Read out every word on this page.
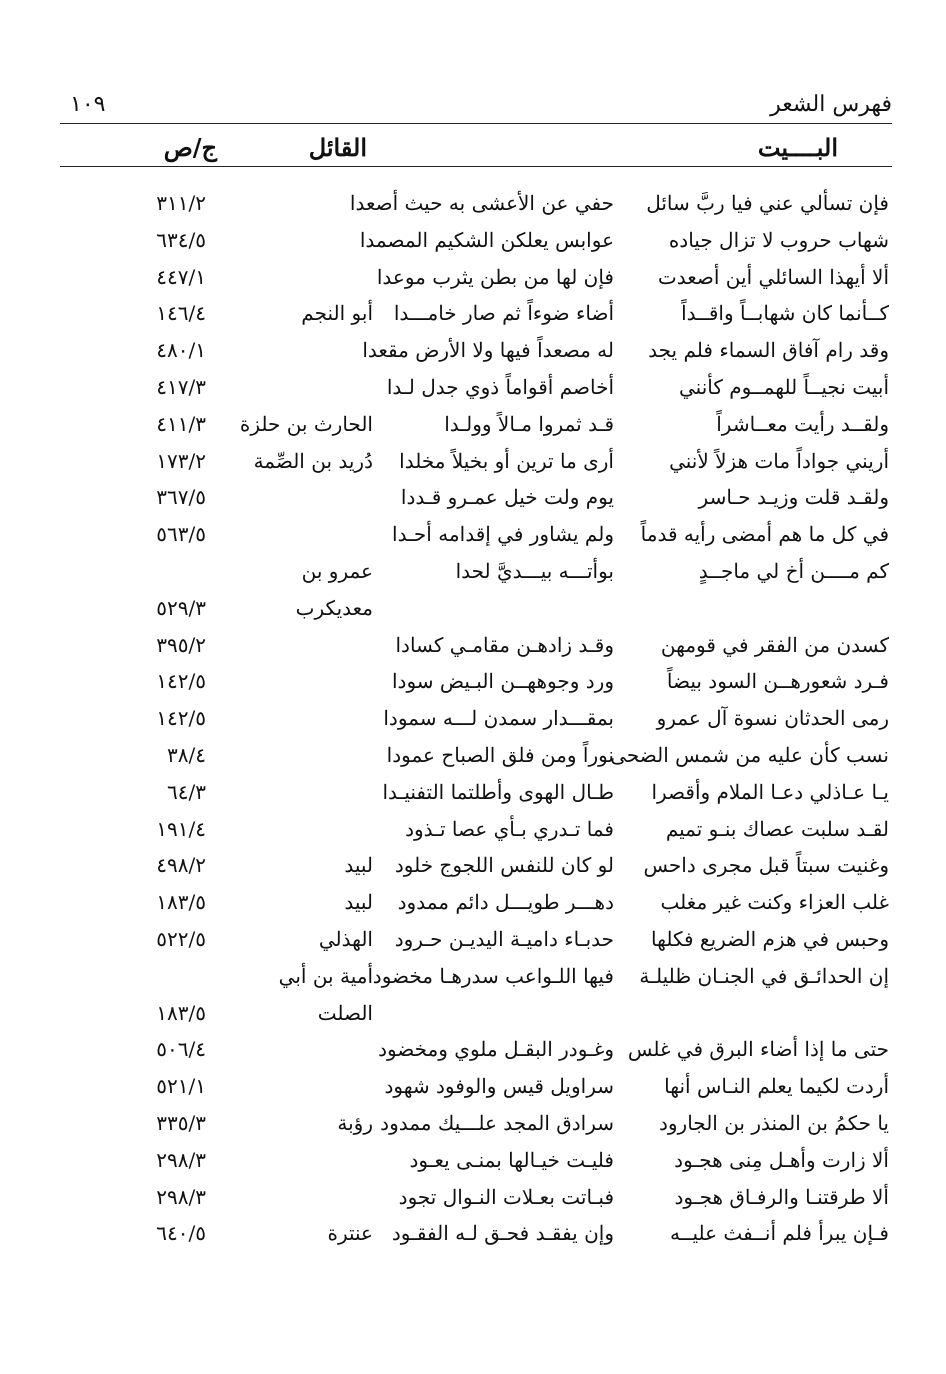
فهرس الشعر
١٠٩
البــــيت
القائل
ج/ص
فإن تسألي عني فيا ربَّ سائل
حفي عن الأعشى به حيث أصعدا
٣١١/٢
شهاب حروب لا تزال جياده
عوابس يعلكن الشكيم المصمدا
٦٣٤/٥
ألا أيهذا السائلي أين أصعدت
فإن لها من بطن يثرب موعدا
٤٤٧/١
كــأنما كان شهابــاً واقــداً
أضاء ضوءاً ثم صار خامـــدا
أبو النجم
١٤٦/٤
وقد رام آفاق السماء فلم يجد
له مصعداً فيها ولا الأرض مقعدا
٤٨٠/١
أبيت نجيــاً للهمــوم كأنني
أخاصم أقواماً ذوي جدل لـدا
٤١٧/٣
ولقــد رأيت معــاشراً
قـد ثمروا مـالاً وولـدا
الحارث بن حلزة
٤١١/٣
أريني جواداً مات هزلاً لأنني
أرى ما ترين أو بخيلاً مخلدا
دُريد بن الصِّمة
١٧٣/٢
ولقـد قلت وزيـد حـاسر
يوم ولت خيل عمـرو قـددا
٣٦٧/٥
في كل ما هم أمضى رأيه قدماً
ولم يشاور في إقدامه أحـدا
٥٦٣/٥
كم مــــن أخ لي ماجــدٍ
بوأتـــه بيـــديَّ لحدا
عمرو بن
معديكرب
٥٢٩/٣
كسدن من الفقر في قومهن
وقـد زادهـن مقامـي كسادا
٣٩٥/٢
فـرد شعورهــن السود بيضاً
ورد وجوههــن البـيض سودا
١٤٢/٥
رمى الحدثان نسوة آل عمرو
بمقـــدار سمدن لـــه سمودا
١٤٢/٥
نسب كأن عليه من شمس الضحى
نوراً ومن فلق الصباح عمودا
٣٨/٤
يـا عـاذلي دعـا الملام وأقصرا
طـال الهوى وأطلتما التفنيـدا
٦٤/٣
لقـد سلبت عصاك بنـو تميم
فما تـدري بـأي عصا تـذود
١٩١/٤
وغنيت سبتاً قبل مجرى داحس
لو كان للنفس اللجوج خلود
لبيد
٤٩٨/٢
غلب العزاء وكنت غير مغلب
دهـــر طويـــل دائم ممدود
لبيد
١٨٣/٥
وحبس في هزم الضريع فكلها
حدبـاء داميـة اليديـن حـرود
الهذلي
٥٢٢/٥
إن الحدائـق في الجنـان ظليلـة
فيها اللـواعب سدرهـا مخضود
أمية بن أبي
الصلت
١٨٣/٥
حتى ما إذا أضاء البرق في غلس
وغـودر البقـل ملوي ومخضود
٥٠٦/٤
أردت لكيما يعلم النـاس أنها
سراويل قيس والوفود شهود
٥٢١/١
يا حكمُ بن المنذر بن الجارود
سرادق المجد علـــيك ممدود
رؤبة
٣٣٥/٣
ألا زارت وأهـل مِنى هجـود
فليـت خيـالها بمنـى يعـود
٢٩٨/٣
ألا طرقتنـا والرفـاق هجـود
فبـاتت بعـلات النـوال تجود
٢٩٨/٣
فـإن يبرأ فلم أنــفث عليــه
وإن يفقـد فحـق لـه الفقـود
عنترة
٦٤٠/٥
